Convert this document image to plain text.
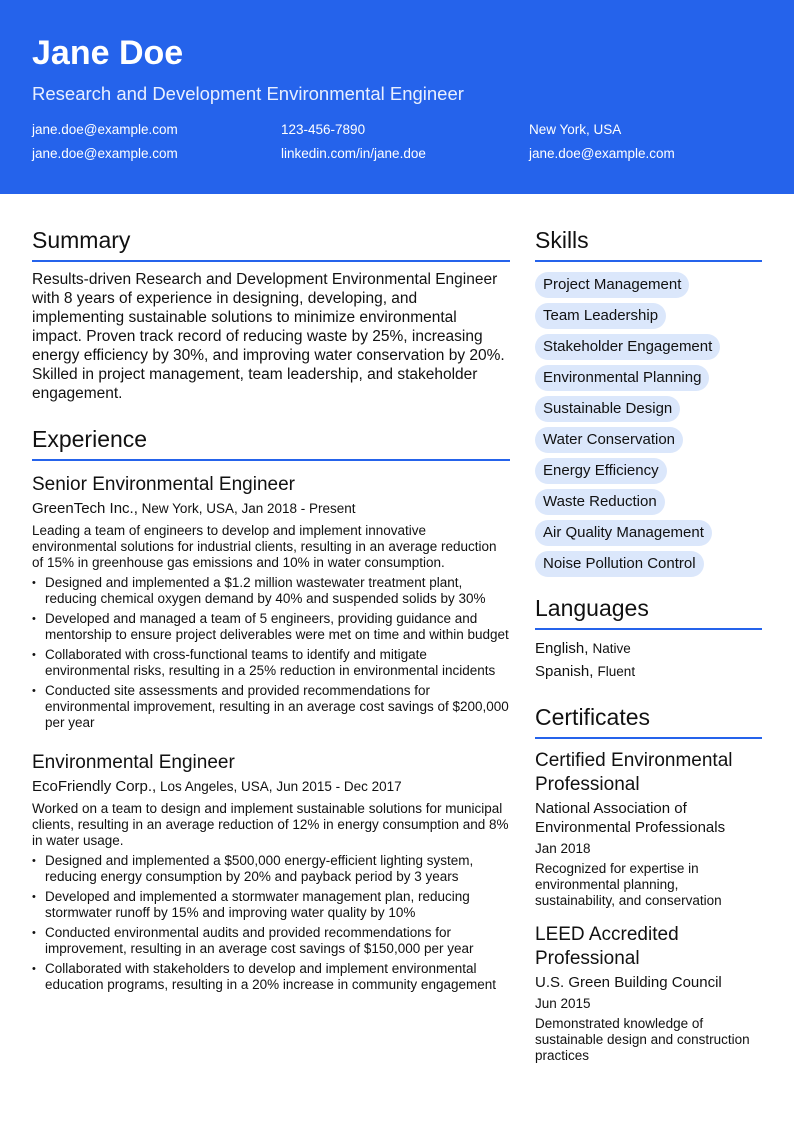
Jane Doe
Research and Development Environmental Engineer
jane.doe@example.com	123-456-7890	New York, USA
jane.doe@example.com	linkedin.com/in/jane.doe	jane.doe@example.com
Summary

Results-driven Research and Development Environmental Engineer with 8 years of experience in designing, developing, and implementing sustainable solutions to minimize environmental impact. Proven track record of reducing waste by 25%, increasing energy efficiency by 30%, and improving water conservation by 20%. Skilled in project management, team leadership, and stakeholder engagement.

Experience
Senior Environmental Engineer
GreenTech Inc., New York, USA, Jan 2018 - Present

Leading a team of engineers to develop and implement innovative environmental solutions for industrial clients, resulting in an average reduction of 15% in greenhouse gas emissions and 10% in water consumption.

• Designed and implemented a $1.2 million wastewater treatment plant, reducing chemical oxygen demand by 40% and suspended solids by 30%
• Developed and managed a team of 5 engineers, providing guidance and mentorship to ensure project deliverables were met on time and within budget
• Collaborated with cross-functional teams to identify and mitigate environmental risks, resulting in a 25% reduction in environmental incidents
• Conducted site assessments and provided recommendations for environmental improvement, resulting in an average cost savings of $200,000 per year
Environmental Engineer
EcoFriendly Corp., Los Angeles, USA, Jun 2015 - Dec 2017

Worked on a team to design and implement sustainable solutions for municipal clients, resulting in an average reduction of 12% in energy consumption and 8% in water usage.

• Designed and implemented a $500,000 energy-efficient lighting system, reducing energy consumption by 20% and payback period by 3 years
• Developed and implemented a stormwater management plan, reducing stormwater runoff by 15% and improving water quality by 10%
• Conducted environmental audits and provided recommendations for improvement, resulting in an average cost savings of $150,000 per year
• Collaborated with stakeholders to develop and implement environmental education programs, resulting in a 20% increase in community engagement
Skills
Project Management
Team Leadership
Stakeholder Engagement
Environmental Planning
Sustainable Design
Water Conservation
Energy Efficiency
Waste Reduction
Air Quality Management
Noise Pollution Control
Languages
English, Native
Spanish, Fluent
Certificates
Certified Environmental Professional
National Association of Environmental Professionals
Jan 2018
Recognized for expertise in environmental planning, sustainability, and conservation
LEED Accredited Professional
U.S. Green Building Council
Jun 2015
Demonstrated knowledge of sustainable design and construction practices
